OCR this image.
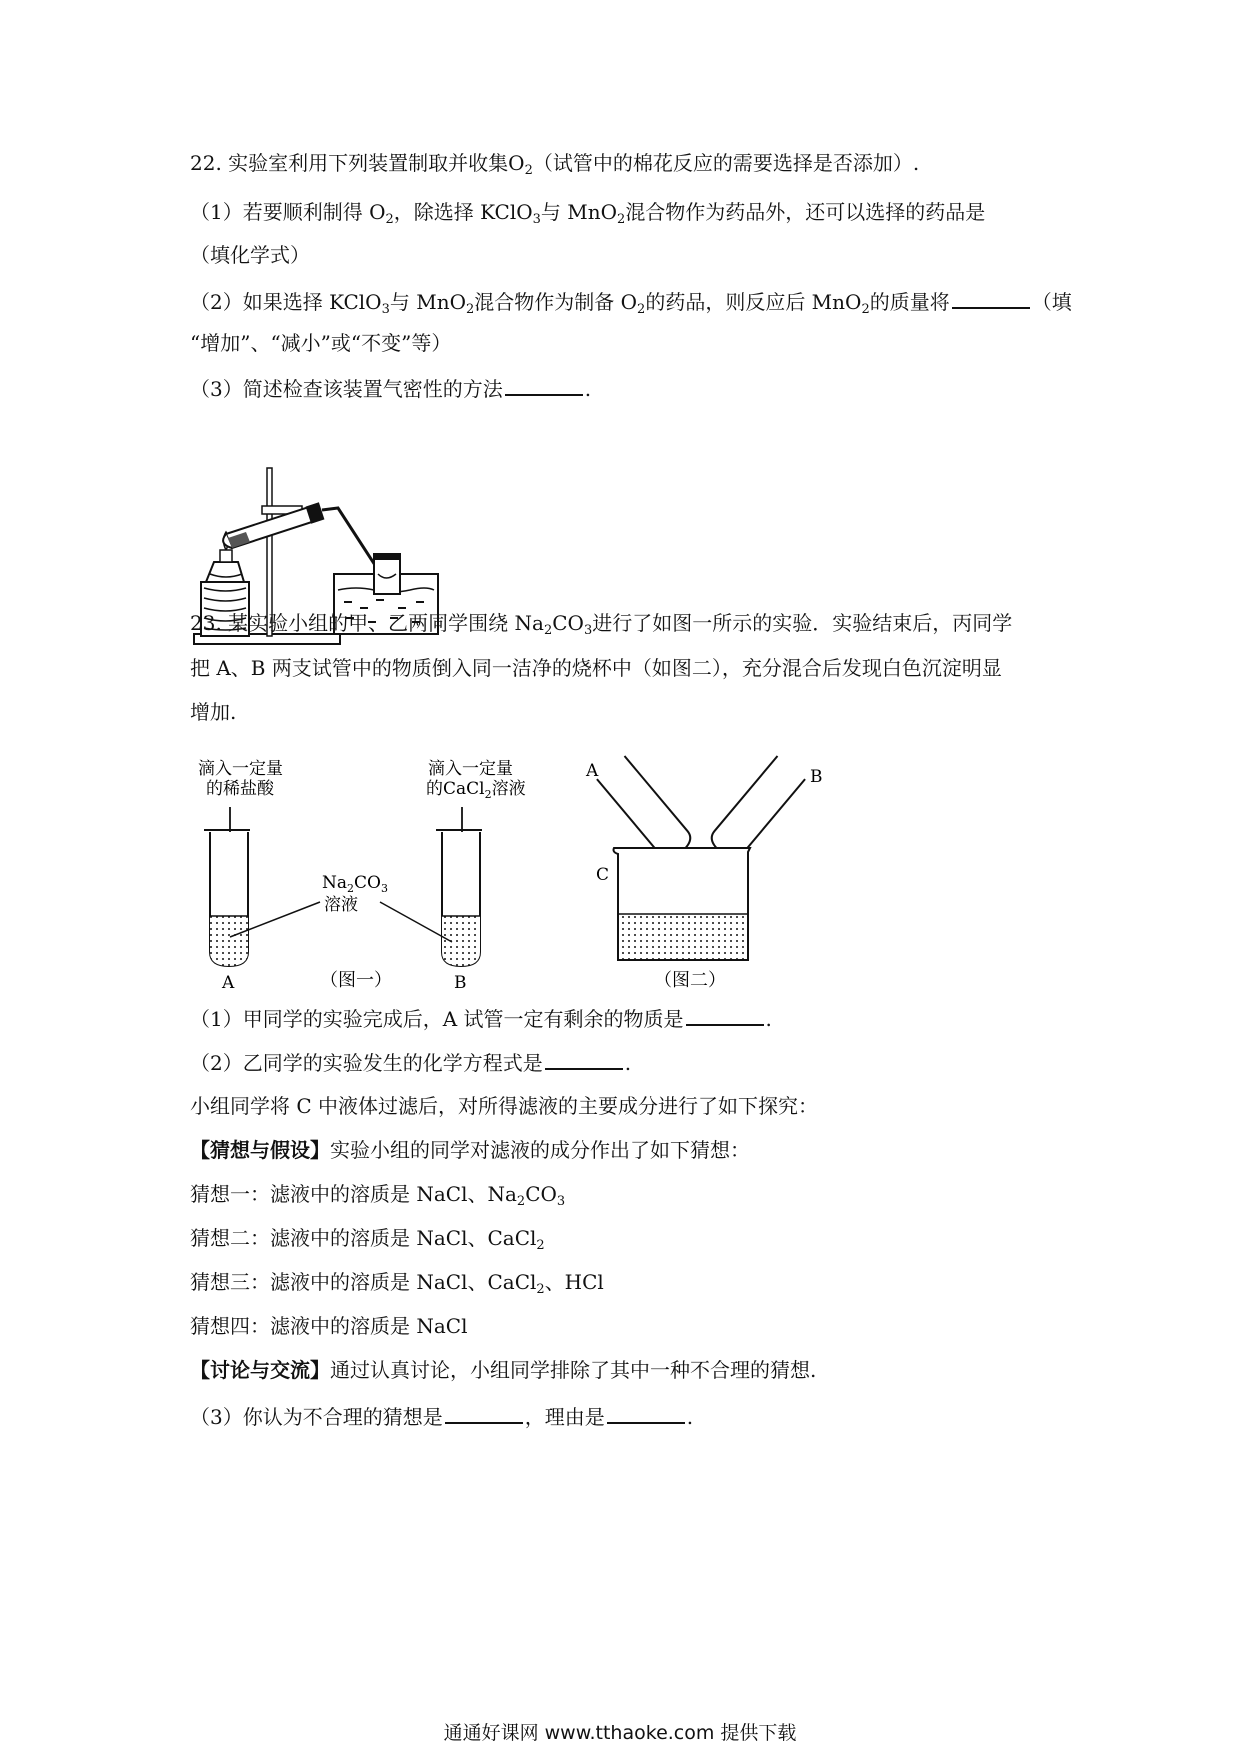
22. 实验室利用下列装置制取并收集$O_2$（试管中的棉花反应的需要选择是否添加）.
（1）若要顺利制得 $O_2$，除选择 KClO$_3$与 MnO$_2$混合物作为药品外，还可以选择的药品是
（填化学式）
（2）如果选择 KClO$_3$与 MnO$_2$混合物作为制备 $O_2$的药品，则反应后 MnO$_2$的质量将	（填
“增加”、“减小”或“不变”等）
（3）简述检查该装置气密性的方法	.
23. 某实验小组的甲、乙两同学围绕 $Na_2CO_3$进行了如图一所示的实验．实验结束后，丙同学
把 A、B 两支试管中的物质倒入同一洁净的烧杯中（如图二），充分混合后发现白色沉淀明显
增加.
滴入一定量
的稀盐酸
滴入一定量
的CaCl$_2$溶液
$Na_2CO_3$
溶液
A	B
（图一）
A	B
C
（图二）
（1）甲同学的实验完成后，A 试管一定有剩余的物质是	.
（2）乙同学的实验发生的化学方程式是	.
小组同学将 C 中液体过滤后，对所得滤液的主要成分进行了如下探究：
【猜想与假设】实验小组的同学对滤液的成分作出了如下猜想：
猜想一：滤液中的溶质是 NaCl、$Na_2CO_3$
猜想二：滤液中的溶质是 NaCl、CaCl$_2$
猜想三：滤液中的溶质是 NaCl、CaCl$_2$、HCl
猜想四：滤液中的溶质是 NaCl
【讨论与交流】通过认真讨论，小组同学排除了其中一种不合理的猜想.
（3）你认为不合理的猜想是	，理由是	.
通通好课网 www.tthaoke.com 提供下载
